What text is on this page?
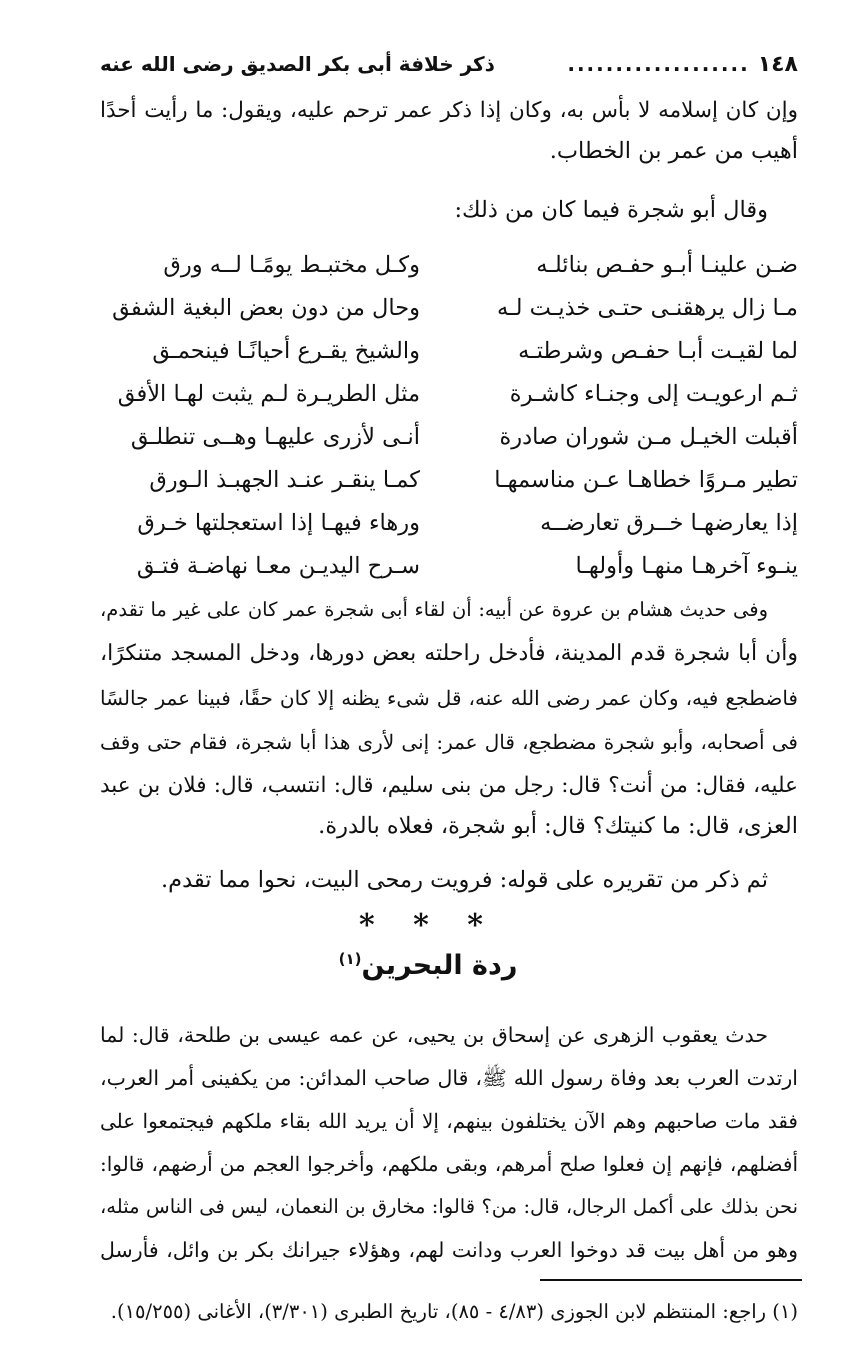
١٤٨
...................
ذكر خلافة أبى بكر الصديق رضى الله عنه
وإن كان إسلامه لا بأس به، وكان إذا ذكر عمر ترحم عليه، ويقول: ما رأيت أحدًا
أهيب من عمر بن الخطاب.
وقال أبو شجرة فيما كان من ذلك:
ضـن علينـا أبـو حفـص بنائلـه
وكـل مختبـط يومًـا لــه ورق
مـا زال يرهقنـى حتـى خذيـت لـه
وحال من دون بعض البغية الشفق
لما لقيـت أبـا حفـص وشرطتـه
والشيخ يقـرع أحيانًـا فينحمـق
ثـم ارعويـت إلى وجنـاء كاشـرة
مثل الطريـرة لـم يثبت لهـا الأفق
أقبلت الخيـل مـن شوران صادرة
أنـى لأزرى عليهـا وهــى تنطلـق
تطير مـروًا خطاهـا عـن مناسمهـا
كمـا ينقـر عنـد الجهبـذ الـورق
إذا يعارضهـا خــرق تعارضــه
ورهاء فيهـا إذا استعجلتها خـرق
ينـوء آخرهـا منهـا وأولهـا
سـرح اليديـن معـا نهاضـة فتـق
وفى حديث هشام بن عروة عن أبيه: أن لقاء أبى شجرة عمر كان على غير ما تقدم،
وأن أبا شجرة قدم المدينة، فأدخل راحلته بعض دورها، ودخل المسجد متنكرًا،
فاضطجع فيه، وكان عمر رضى الله عنه، قل شىء يظنه إلا كان حقًا، فبينا عمر جالسًا
فى أصحابه، وأبو شجرة مضطجع، قال عمر: إنى لأرى هذا أبا شجرة، فقام حتى وقف
عليه، فقال: من أنت؟ قال: رجل من بنى سليم، قال: انتسب، قال: فلان بن عبد
العزى، قال: ما كنيتك؟ قال: أبو شجرة، فعلاه بالدرة.
ثم ذكر من تقريره على قوله: فرويت رمحى البيت، نحوا مما تقدم.
* * *
ردة البحرين$^{(١)}$
حدث يعقوب الزهرى عن إسحاق بن يحيى، عن عمه عيسى بن طلحة، قال: لما
ارتدت العرب بعد وفاة رسول الله ﷺ، قال صاحب المدائن: من يكفينى أمر العرب،
فقد مات صاحبهم وهم الآن يختلفون بينهم، إلا أن يريد الله بقاء ملكهم فيجتمعوا على
أفضلهم، فإنهم إن فعلوا صلح أمرهم، وبقى ملكهم، وأخرجوا العجم من أرضهم، قالوا:
نحن بذلك على أكمل الرجال، قال: من؟ قالوا: مخارق بن النعمان، ليس فى الناس مثله،
وهو من أهل بيت قد دوخوا العرب ودانت لهم، وهؤلاء جيرانك بكر بن وائل، فأرسل
(١) راجع: المنتظم لابن الجوزى (٤/٨٣ - ٨٥)، تاريخ الطبرى (٣/٣٠١)، الأغانى (١٥/٢٥٥).
